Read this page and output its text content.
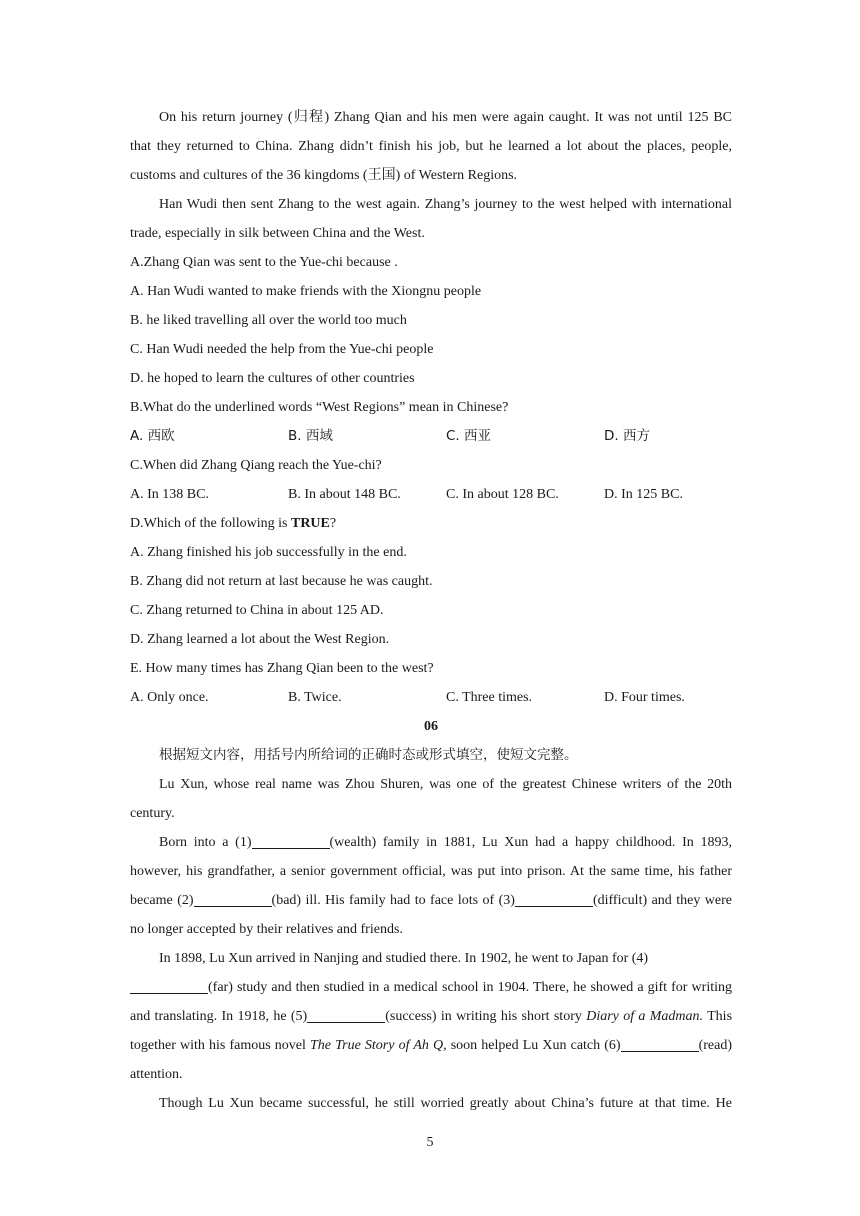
On his return journey (归程) Zhang Qian and his men were again caught. It was not until 125 BC
that they returned to China. Zhang didn’t finish his job, but he learned a lot about the places, people,
customs and cultures of the 36 kingdoms (王国) of Western Regions.
Han Wudi then sent Zhang to the west again. Zhang’s journey to the west helped with international
trade, especially in silk between China and the West.
A.Zhang Qian was sent to the Yue-chi because .
A. Han Wudi wanted to make friends with the Xiongnu people
B. he liked travelling all over the world too much
C. Han Wudi needed the help from the Yue-chi people
D. he hoped to learn the cultures of other countries
B.What do the underlined words “West Regions” mean in Chinese?
A. 西欧	B. 西域	C. 西亚	D. 西方
C.When did Zhang Qiang reach the Yue-chi?
A. In 138 BC.	B. In about 148 BC.	C. In about 128 BC.	D. In 125 BC.
D.Which of the following is TRUE?
A. Zhang finished his job successfully in the end.
B. Zhang did not return at last because he was caught.
C. Zhang returned to China in about 125 AD.
D. Zhang learned a lot about the West Region.
E. How many times has Zhang Qian been to the west?
A. Only once.	B. Twice.	C. Three times.	D. Four times.
06
根据短文内容，用括号内所给词的正确时态或形式填空，使短文完整。
Lu Xun, whose real name was Zhou Shuren, was one of the greatest Chinese writers of the 20th
century.
Born into a (1)	(wealth) family in 1881, Lu Xun had a happy childhood. In 1893,
however, his grandfather, a senior government official, was put into prison. At the same time, his father
became (2)	(bad) ill. His family had to face lots of (3)	(difficult) and they were
no longer accepted by their relatives and friends.
In 1898, Lu Xun arrived in Nanjing and studied there. In 1902, he went to Japan for (4)
(far) study and then studied in a medical school in 1904. There, he showed a gift for writing
and translating. In 1918, he (5)	(success) in writing his short story Diary of a Madman. This
together with his famous novel The True Story of Ah Q, soon helped Lu Xun catch (6)	(read)
attention.
Though Lu Xun became successful, he still worried greatly about China’s future at that time. He
5
